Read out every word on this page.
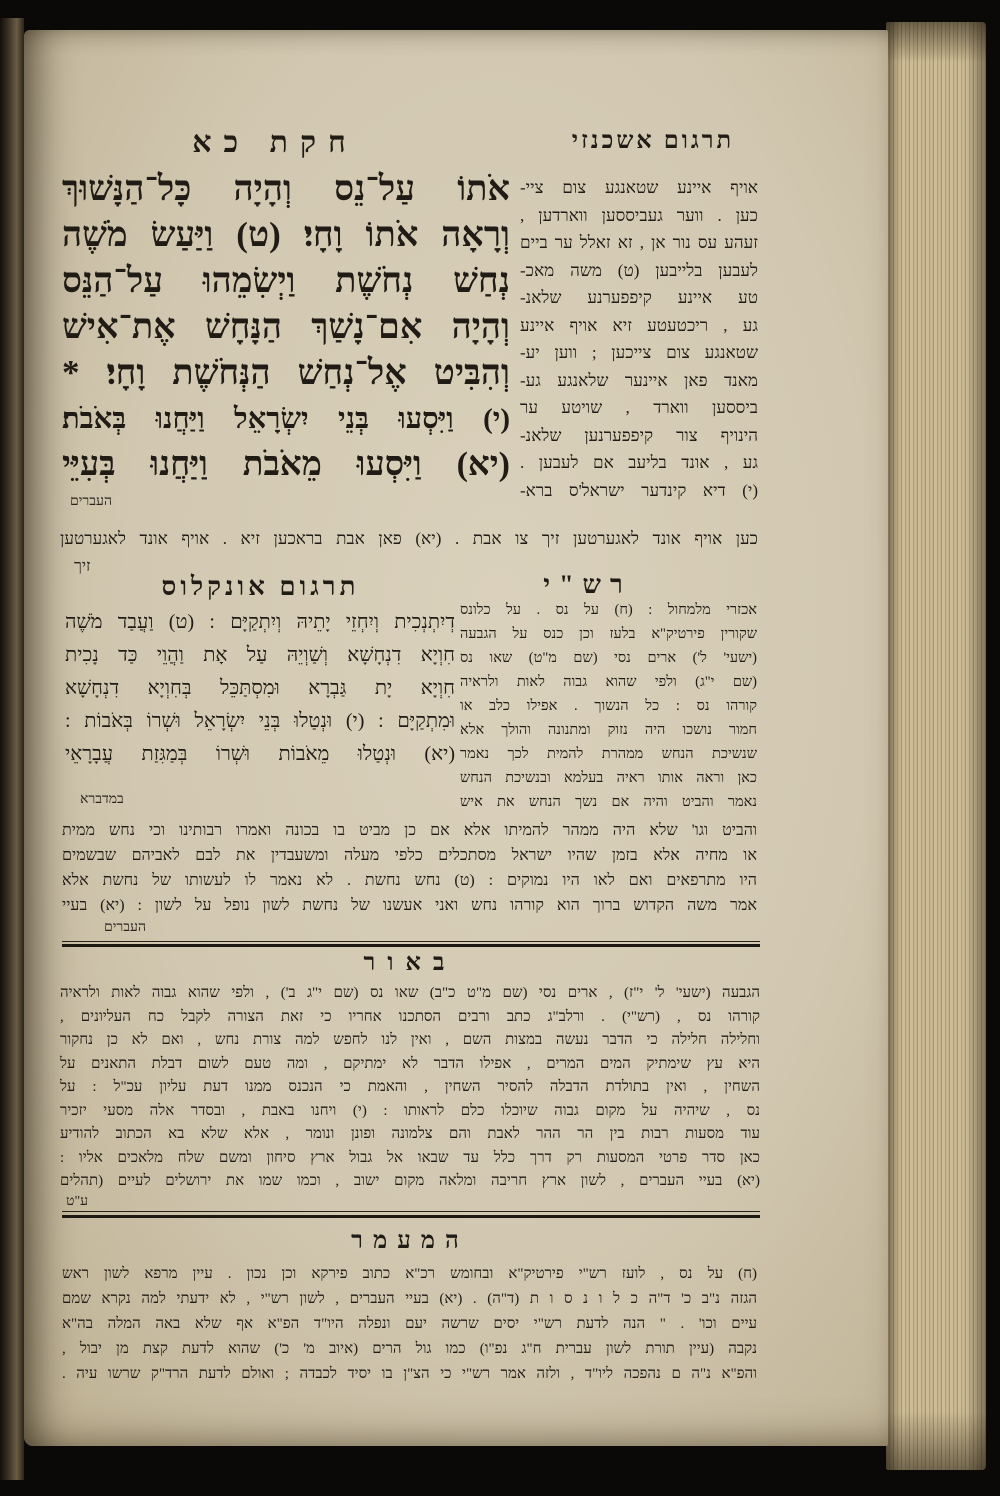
חקת כא	תרגום אשכנזי
אֹתוֹ עַל־נֵס וְהָיָה כָּל־הַנָּשׁוּךְ
וְרָאָה אֹתוֹ וָחָי׃ (ט) וַיַּעַשׂ מֹשֶׁה
נְחַשׁ נְחֹשֶׁת וַיְשִׂמֵהוּ עַל־הַנֵּס
וְהָיָה אִם־נָשַׁךְ הַנָּחָשׁ אֶת־אִישׁ
וְהִבִּיט אֶל־נְחַשׁ הַנְּחֹשֶׁת וָחָי׃ *
(י) וַיִּסְעוּ בְּנֵי יִשְׂרָאֵל וַיַּחֲנוּ בְּאֹבֹת׃
(יא) וַיִּסְעוּ מֵאֹבֹת וַיַּחֲנוּ בְּעִיֵּי
העברים
אויף איינע שטאנגע צום ציי-
כען . ווער געביססען ווארדען ,
זעהע עס נור אן , זא זאלל ער ביים
לעבען בלייבען (ט) משה מאכ-
טע איינע קיפפערנע שלאנ-
גע , ריכטעטע זיא אויף איינע
שטאנגע צום צייכען ; ווען יע-
מאנד פאן איינער שלאנגע גע-
ביססען ווארד , שויטע ער
הינויף צור קיפפערנען שלאנ-
גע , אונד בליעב אם לעבען .
(י) דיא קינדער ישראל'ס ברא-
כען אויף אונד לאגערטען זיך צו אבת . (יא) פאן אבת בראכען זיא . אויף אונד לאגערטען
זיך
רש"י
תרגום אונקלוס
אכזרי מלמחול : (ח) על נס . על כלונס
שקורין פירטיק"א בלעז וכן כנס על הגבעה
(ישעי' ל') ארים נסי (שם מ"ט) שאו נס
(שם י"ג) ולפי שהוא גבוה לאות ולראיה
קורהו נס : כל הנשוך . אפילו כלב או
חמור נושכו היה נזוק ומתנונה והולך אלא
שנשיכת הנחש ממהרת להמית לכך נאמר
כאן וראה אותו ראיה בעלמא ובנשיכת הנחש
נאמר והביט והיה אם נשך הנחש את איש
דְיִתְנְכִית וְיִחְזֵי יָתֵיהּ וְיִתְקַיָּם : (ט) וַעֲבַד מֹשֶׁה
חִוְיָא דִנְחָשָׁא וְשַׁוְיֵהּ עַל אָת וַהֲוֵי כַּד נָכִית
חִוְיָא יָת גַּבְרָא וּמִסְתַּכֵּל בְּחִוְיָא דִנְחָשָׁא
וּמִתְקַיָּם : (י) וּנְטַלוּ בְּנֵי יִשְׂרָאֵל וּשְׁרוֹ בְּאֹבוֹת :
(יא) וּנְטַלוּ מֵאֹבוֹת וּשְׁרוֹ בְּמַגִּזַת עֲבָרָאֵי
במדברא
והביט וגו' שלא היה ממהר להמיתו אלא אם כן מביט בו בכונה ואמרו רבותינו וכי נחש ממית
או מחיה אלא בזמן שהיו ישראל מסתכלים כלפי מעלה ומשעבדין את לבם לאביהם שבשמים
היו מתרפאים ואם לאו היו נמוקים : (ט) נחש נחשת . לא נאמר לו לעשותו של נחשת אלא
אמר משה הקדוש ברוך הוא קורהו נחש ואני אעשנו של נחשת לשון נופל על לשון : (יא) בעיי
העברים
באור
הגבעה (ישעי' ל' י"ז) , ארים נסי (שם מ"ט כ"ב) שאו נס (שם י"ג ב') , ולפי שהוא גבוה לאות ולראיה
קורהו נס , (רש"י) . ורלב"ג כתב ורבים הסתכנו אחריו כי זאת הצורה לקבל כח העליונים ,
וחלילה חלילה כי הדבר נעשה במצות השם , ואין לנו לחפש למה צורת נחש , ואם לא כן נחקור
היא עץ שימתיק המים המרים , אפילו הדבר לא ימתיקם , ומה טעם לשום דבלת התאנים על
השחין , ואין בתולדת הדבלה להסיר השחין , והאמת כי הנכנס ממנו דעת עליון עכ"ל : על
נס , שיהיה על מקום גבוה שיוכלו כלם לראותו : (י) ויחנו באבת , ובסדר אלה מסעי יזכיר
עוד מסעות רבות בין הר ההר לאבת והם צלמונה ופונן ונומר , אלא שלא בא הכתוב להודיע
כאן סדר פרטי המסעות רק דרך כלל עד שבאו אל גבול ארץ סיחון ומשם שלח מלאכים אליו :
(יא) בעיי העברים , לשון ארץ חריבה ומלאה מקום ישוב , וכמו שמו את ירושלים לעיים (תהלים
ע"ט
המעמר
(ח) על נס , לועז רש"י פירטיק"א ובחומש רכ"א כתוב פירקא וכן נכון . עיין מרפא לשון ראש
הגזה נ"ב כ' ד"ה כ ל ו נ ס ו ת (ד"ה) . (יא) בעיי העברים , לשון רש"י , לא ידעתי למה נקרא שמם
עיים וכו' . " הנה לדעת רש"י יסים שרשה יעם ונפלה היו"ד הפ"א אף שלא באה המלה בה"א
נקבה (עיין תורת לשון עברית ח"ג נפ"ו) כמו גול הרים (איוב מ' כ') שהוא לדעת קצת מן יבול ,
והפ"א נ"ה ם נהפכה ליו"ד , ולזה אמר רש"י כי הצ"ן בו יסיד לכבדה ; ואולם לדעת הרד"ק שרשו עיה .
